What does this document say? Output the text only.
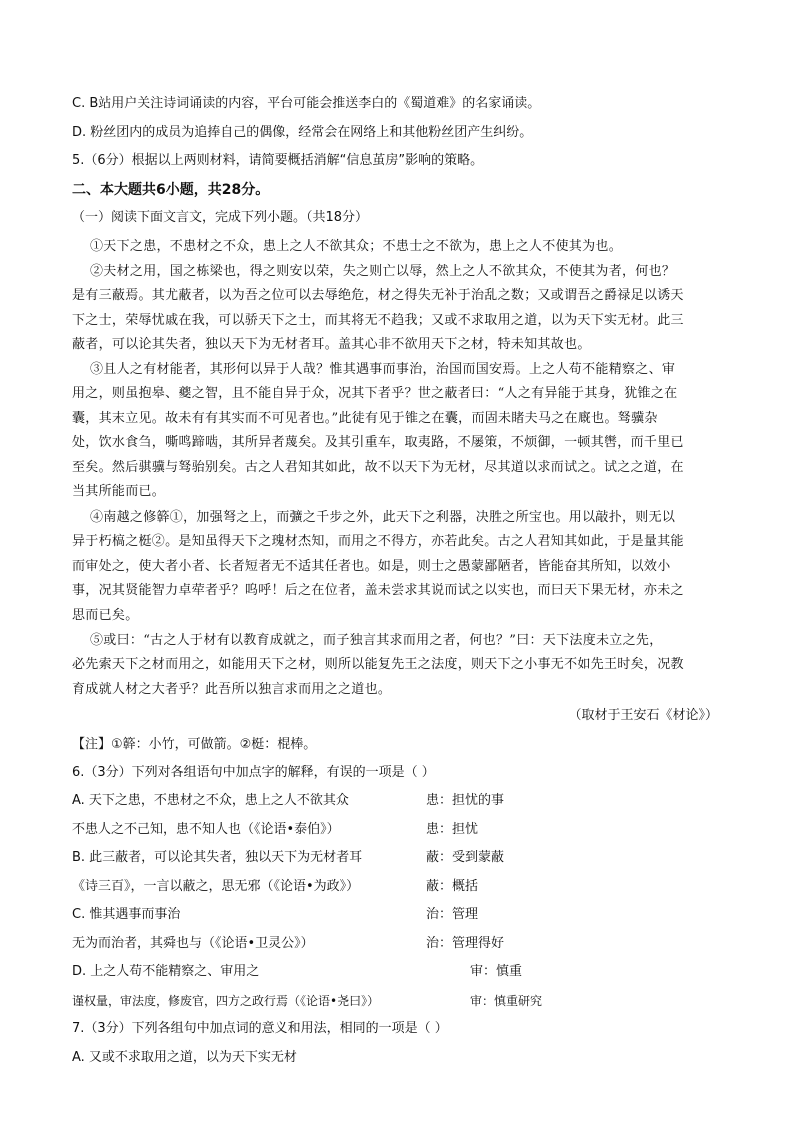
C. B站用户关注诗词诵读的内容，平台可能会推送李白的《蜀道难》的名家诵读。
D. 粉丝团内的成员为追捧自己的偶像，经常会在网络上和其他粉丝团产生纠纷。
5.（6分）根据以上两则材料，请简要概括消解“信息茧房”影响的策略。
二、本大题共6小题，共28分。
（一）阅读下面文言文，完成下列小题。（共18分）
①天下之患，不患材之不众，患上之人不欲其众；不患士之不欲为，患上之人不使其为也。
②夫材之用，国之栋梁也，得之则安以荣，失之则亡以辱，然上之人不欲其众，不使其为者，何也？
是有三蔽焉。其尤蔽者，以为吾之位可以去辱绝危，材之得失无补于治乱之数；又或谓吾之爵禄足以诱天
下之士，荣辱忧戚在我，可以骄天下之士，而其将无不趋我；又或不求取用之道，以为天下实无材。此三
蔽者，可以论其失者，独以天下为无材者耳。盖其心非不欲用天下之材，特未知其故也。
③且人之有材能者，其形何以异于人哉？惟其遇事而事治，治国而国安焉。上之人苟不能精察之、审
用之，则虽抱皋、夔之智，且不能自异于众，况其下者乎？世之蔽者曰：“人之有异能于其身，犹锥之在
囊，其末立见。故未有有其实而不可见者也。”此徒有见于锥之在囊，而固未睹夫马之在廐也。驽骥杂
处，饮水食刍，嘶鸣蹄啮，其所异者蔑矣。及其引重车，取夷路，不屡策，不烦御，一顿其辔，而千里已
至矣。然后骐骥与驽骀别矣。古之人君知其如此，故不以天下为无材，尽其道以求而试之。试之之道，在
当其所能而已。
④南越之修簳①，加强弩之上，而彍之千步之外，此天下之利器，决胜之所宝也。用以敲扑，则无以
异于朽槁之梃②。是知虽得天下之瑰材杰知，而用之不得方，亦若此矣。古之人君知其如此，于是量其能
而审处之，使大者小者、长者短者无不适其任者也。如是，则士之愚蒙鄙陋者，皆能奋其所知，以效小
事，况其贤能智力卓荦者乎？呜呼！后之在位者，盖未尝求其说而试之以实也，而曰天下果无材，亦未之
思而已矣。
⑤或曰：“古之人于材有以教育成就之，而子独言其求而用之者，何也？”曰：天下法度未立之先，
必先索天下之材而用之，如能用天下之材，则所以能复先王之法度，则天下之小事无不如先王时矣，况教
育成就人材之大者乎？此吾所以独言求而用之之道也。
（取材于王安石《材论》）
【注】①簳：小竹，可做箭。②梃：棍棒。
6.（3分）下列对各组语句中加点字的解释，有误的一项是（ ）
A. 天下之患，不患材之不众，患上之人不欲其众	患：担忧的事
不患人之不己知，患不知人也（《论语•泰伯》）	患：担忧
B. 此三蔽者，可以论其失者，独以天下为无材者耳	蔽：受到蒙蔽
《诗三百》，一言以蔽之，思无邪（《论语•为政》）	蔽：概括
C. 惟其遇事而事治	治：管理
无为而治者，其舜也与（《论语•卫灵公》）	治：管理得好
D. 上之人苟不能精察之、审用之	审：慎重
谨权量，审法度，修废官，四方之政行焉（《论语•尧曰》）	审：慎重研究
7.（3分）下列各组句中加点词的意义和用法，相同的一项是（ ）
A. 又或不求取用之道，以为天下实无材
